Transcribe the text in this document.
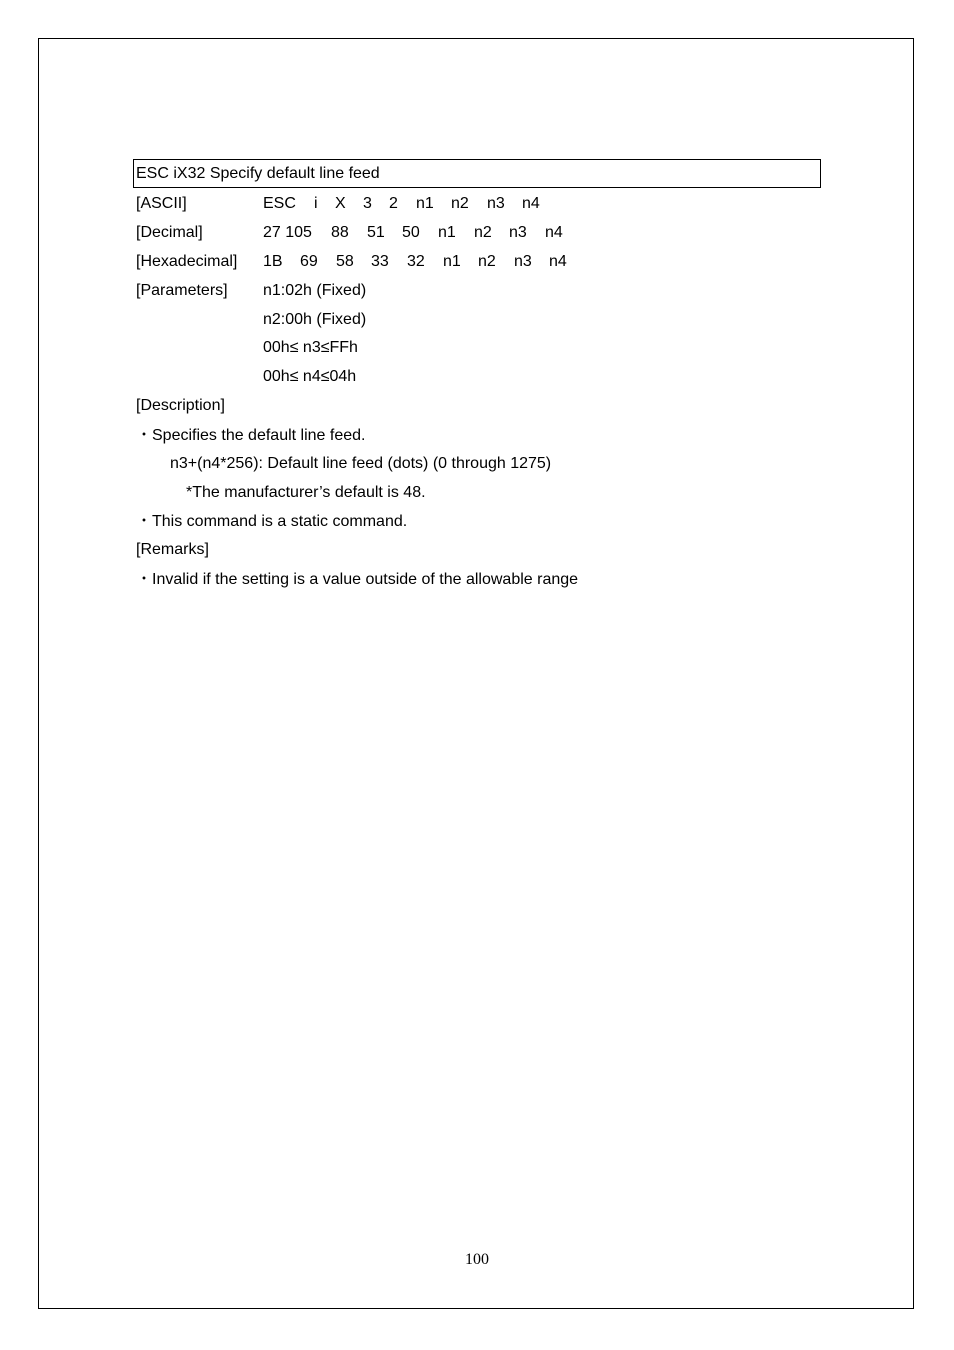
ESC iX32 Specify default line feed
[ASCII]	ESC i X 3 2 n1 n2 n3 n4
[Decimal]	27 105 88 51 50 n1 n2 n3 n4
[Hexadecimal] 1B 69 58 33 32 n1 n2 n3 n4
[Parameters] n1:02h (Fixed)
n2:00h (Fixed)
00h≤ n3≤FFh
00h≤ n4≤04h
[Description]
・Specifies the default line feed.
n3+(n4*256): Default line feed (dots) (0 through 1275)
*The manufacturer’s default is 48.
・This command is a static command.
[Remarks]
・Invalid if the setting is a value outside of the allowable range
100
